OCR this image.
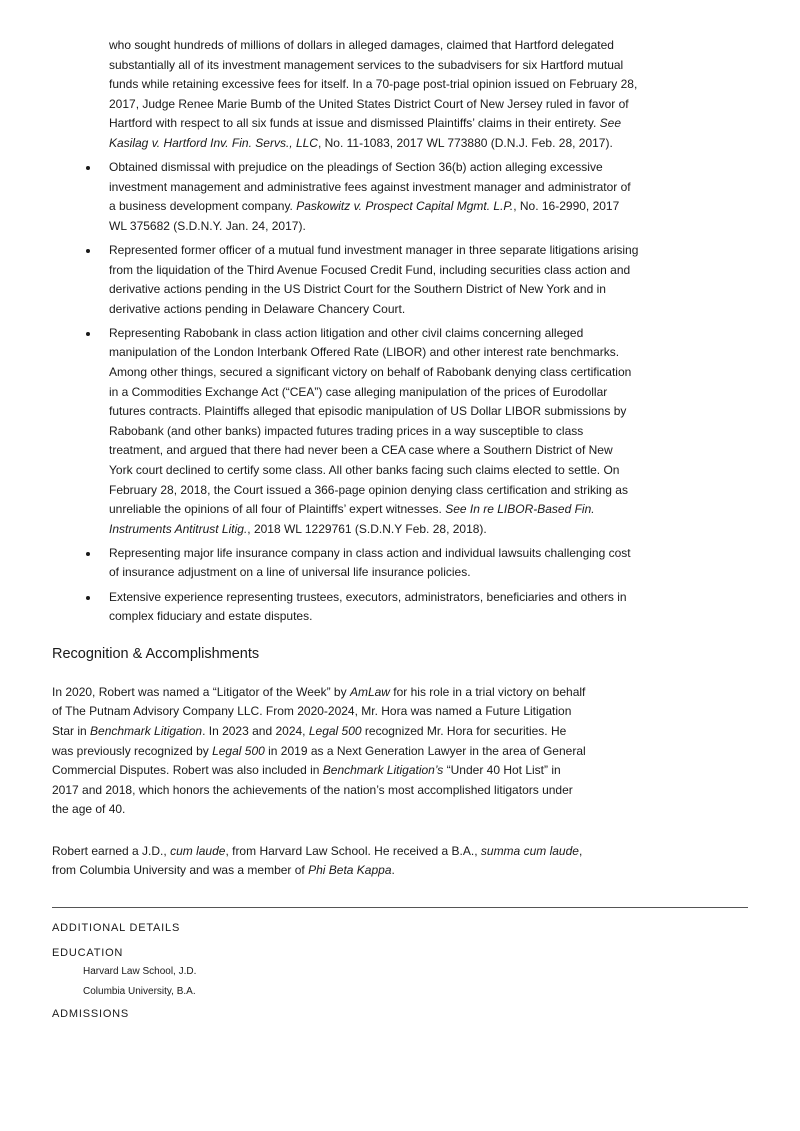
who sought hundreds of millions of dollars in alleged damages, claimed that Hartford delegated substantially all of its investment management services to the subadvisers for six Hartford mutual funds while retaining excessive fees for itself. In a 70-page post-trial opinion issued on February 28, 2017, Judge Renee Marie Bumb of the United States District Court of New Jersey ruled in favor of Hartford with respect to all six funds at issue and dismissed Plaintiffs’ claims in their entirety. See Kasilag v. Hartford Inv. Fin. Servs., LLC, No. 11-1083, 2017 WL 773880 (D.N.J. Feb. 28, 2017).
Obtained dismissal with prejudice on the pleadings of Section 36(b) action alleging excessive investment management and administrative fees against investment manager and administrator of a business development company. Paskowitz v. Prospect Capital Mgmt. L.P., No. 16-2990, 2017 WL 375682 (S.D.N.Y. Jan. 24, 2017).
Represented former officer of a mutual fund investment manager in three separate litigations arising from the liquidation of the Third Avenue Focused Credit Fund, including securities class action and derivative actions pending in the US District Court for the Southern District of New York and in derivative actions pending in Delaware Chancery Court.
Representing Rabobank in class action litigation and other civil claims concerning alleged manipulation of the London Interbank Offered Rate (LIBOR) and other interest rate benchmarks. Among other things, secured a significant victory on behalf of Rabobank denying class certification in a Commodities Exchange Act (“CEA”) case alleging manipulation of the prices of Eurodollar futures contracts. Plaintiffs alleged that episodic manipulation of US Dollar LIBOR submissions by Rabobank (and other banks) impacted futures trading prices in a way susceptible to class treatment, and argued that there had never been a CEA case where a Southern District of New York court declined to certify some class. All other banks facing such claims elected to settle. On February 28, 2018, the Court issued a 366-page opinion denying class certification and striking as unreliable the opinions of all four of Plaintiffs’ expert witnesses. See In re LIBOR-Based Fin. Instruments Antitrust Litig., 2018 WL 1229761 (S.D.N.Y Feb. 28, 2018).
Representing major life insurance company in class action and individual lawsuits challenging cost of insurance adjustment on a line of universal life insurance policies.
Extensive experience representing trustees, executors, administrators, beneficiaries and others in complex fiduciary and estate disputes.
Recognition & Accomplishments

In 2020, Robert was named a “Litigator of the Week” by AmLaw for his role in a trial victory on behalf of The Putnam Advisory Company LLC. From 2020-2024, Mr. Hora was named a Future Litigation Star in Benchmark Litigation. In 2023 and 2024, Legal 500 recognized Mr. Hora for securities. He was previously recognized by Legal 500 in 2019 as a Next Generation Lawyer in the area of General Commercial Disputes. Robert was also included in Benchmark Litigation’s “Under 40 Hot List” in 2017 and 2018, which honors the achievements of the nation’s most accomplished litigators under the age of 40.

Robert earned a J.D., cum laude, from Harvard Law School. He received a B.A., summa cum laude, from Columbia University and was a member of Phi Beta Kappa.

ADDITIONAL DETAILS
EDUCATION
Harvard Law School, J.D.
Columbia University, B.A.
ADMISSIONS
